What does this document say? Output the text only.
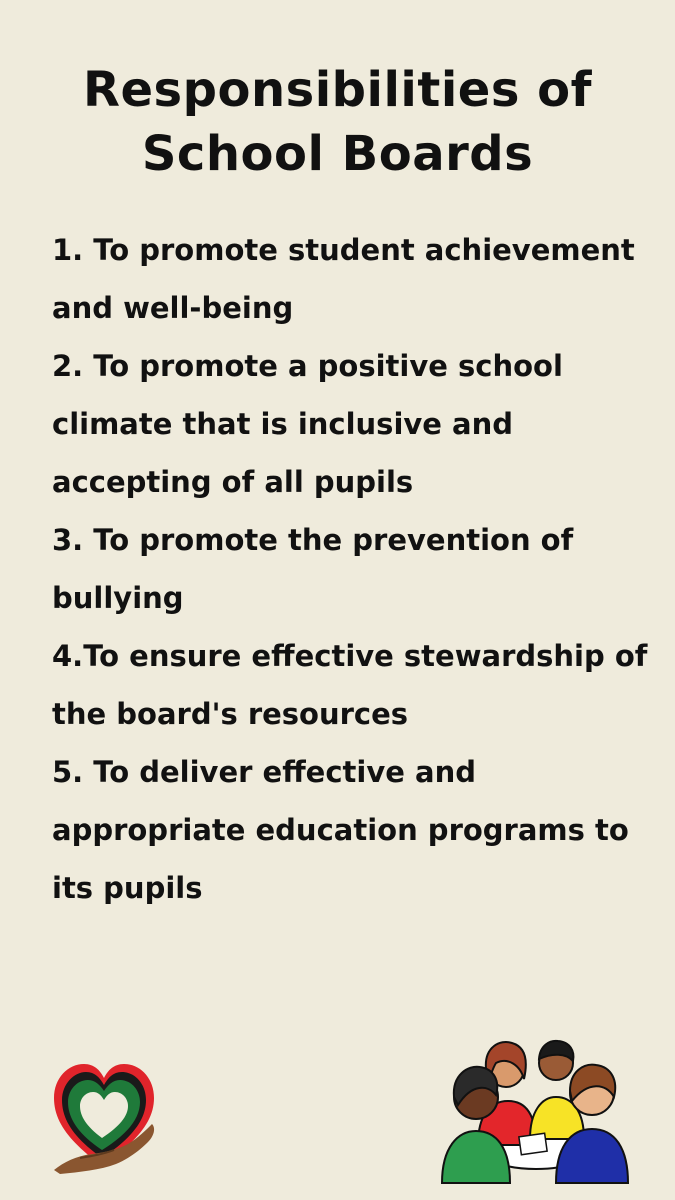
Responsibilities of
School Boards

1. To promote student achievement and well-being

2. To promote a positive school climate that is inclusive and accepting of all pupils

3. To promote the prevention of bullying

4.To ensure effective stewardship of the board's resources

5. To deliver effective and appropriate education programs to its pupils
